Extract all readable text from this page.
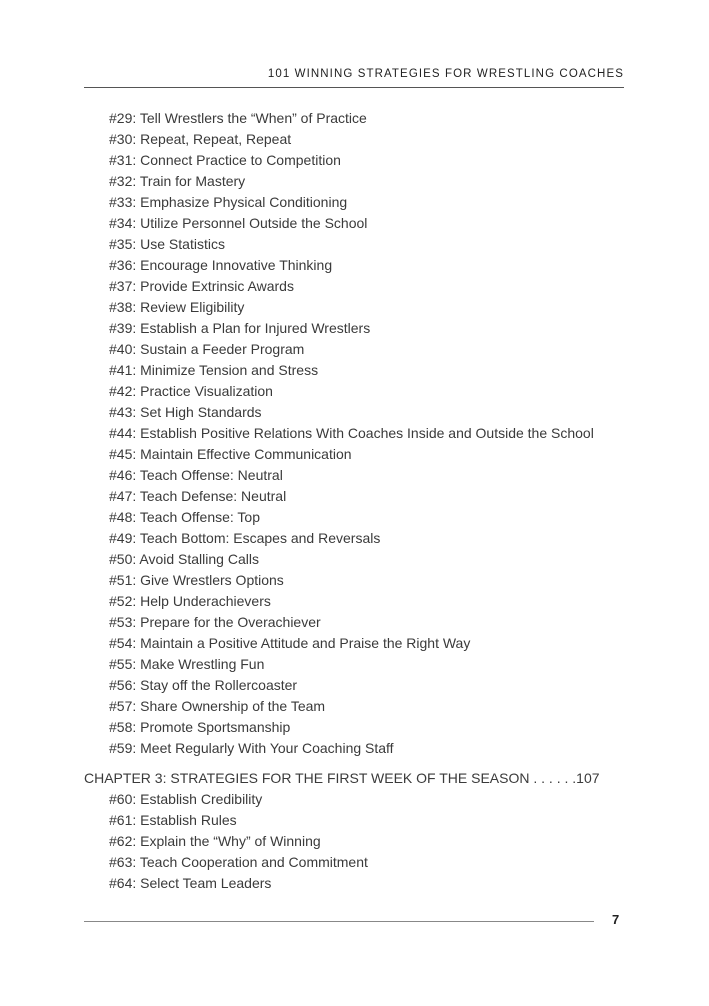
101 WINNING STRATEGIES FOR WRESTLING COACHES
#29: Tell Wrestlers the “When” of Practice
#30: Repeat, Repeat, Repeat
#31: Connect Practice to Competition
#32: Train for Mastery
#33: Emphasize Physical Conditioning
#34: Utilize Personnel Outside the School
#35: Use Statistics
#36: Encourage Innovative Thinking
#37: Provide Extrinsic Awards
#38: Review Eligibility
#39: Establish a Plan for Injured Wrestlers
#40: Sustain a Feeder Program
#41: Minimize Tension and Stress
#42: Practice Visualization
#43: Set High Standards
#44: Establish Positive Relations With Coaches Inside and Outside the School
#45: Maintain Effective Communication
#46: Teach Offense: Neutral
#47: Teach Defense: Neutral
#48: Teach Offense: Top
#49: Teach Bottom: Escapes and Reversals
#50: Avoid Stalling Calls
#51: Give Wrestlers Options
#52: Help Underachievers
#53: Prepare for the Overachiever
#54: Maintain a Positive Attitude and Praise the Right Way
#55: Make Wrestling Fun
#56: Stay off the Rollercoaster
#57: Share Ownership of the Team
#58: Promote Sportsmanship
#59: Meet Regularly With Your Coaching Staff
CHAPTER 3: STRATEGIES FOR THE FIRST WEEK OF THE SEASON . . . . . .107
#60: Establish Credibility
#61: Establish Rules
#62: Explain the “Why” of Winning
#63: Teach Cooperation and Commitment
#64: Select Team Leaders
7
